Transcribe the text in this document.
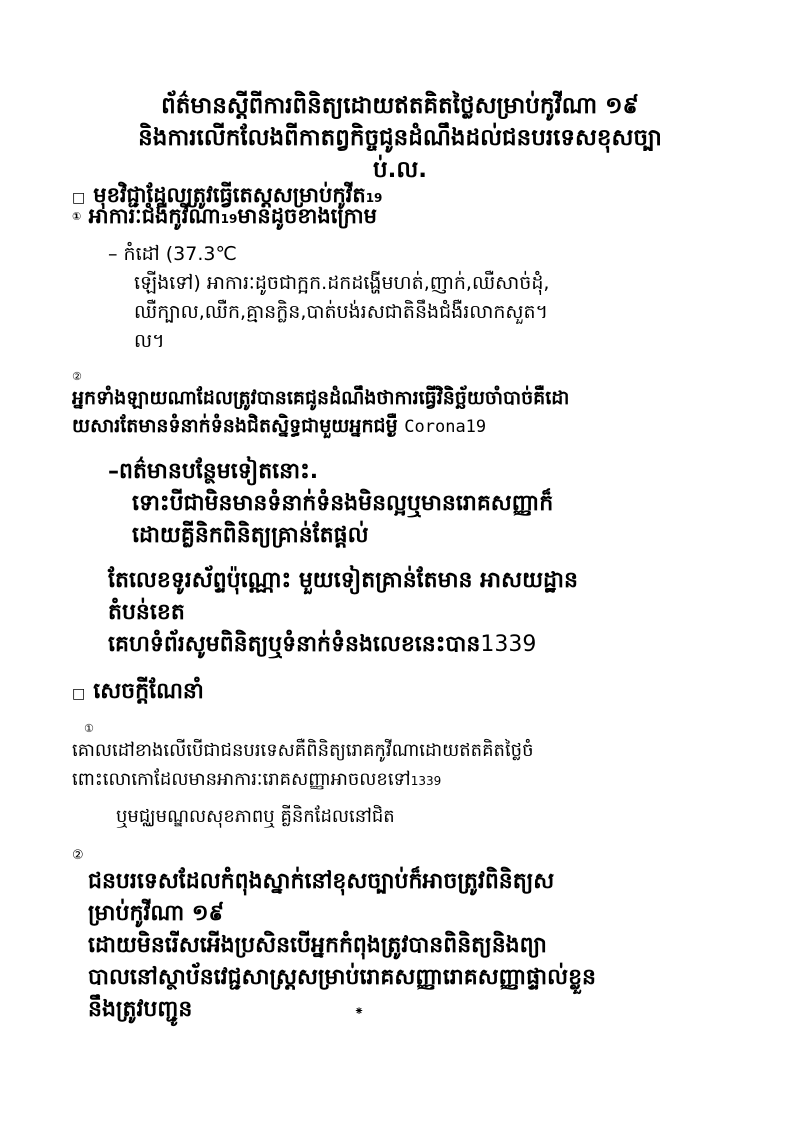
ព័ត៌មានស្តីពីការពិនិត្យដោយឥតគិតថ្លៃសម្រាប់កូវីណា ១៩
និងការលើកលែងពីកាតព្វកិច្ចជូនដំណឹងដល់ជនបរទេសខុសច្បា
ប់.ល.
□ មុខវិជ្ជាដែលត្រូវធ្វើតេស្តសម្រាប់កូវីត19
① អាការៈជំងឺកូវីណា19មានដូចខាងក្រោម
– កំដៅ (37.3℃
ឡើងទៅ) អាការៈដូចជាក្អក.ដកដង្ហើមហត់,ញាក់,ឈឺសាច់ដុំ,
ឈឺក្បាល,ឈឺក,គ្មានក្លិន,បាត់បង់រសជាតិនឹងជំងឺរលាកសួត។
ល។
②
អ្នកទាំងឡាយណាដែលត្រូវបានគេជូនដំណឹងថាការធ្វើវិនិច្ឆ័យចាំបាច់គឺដោ
យសារតែមានទំនាក់ទំនងជិតស្និទ្ធជាមួយអ្នកជម្ងឺ Corona19
–ពត៌មានបន្ថែមទៀតនោះ.
ទោះបីជាមិនមានទំនាក់ទំនងមិនល្អឬមានរោគសញ្ញាក៏
ដោយគ្លីនិកពិនិត្យគ្រាន់តែផ្តល់
តែលេខទូរស័ព្ទប៉ុណ្ណោះ មួយទៀតគ្រាន់តែមាន អាសយដ្ឋាន
តំបន់ខេត
គេហទំព័រសូមពិនិត្យឬទំនាក់ទំនងលេខនេះបាន1339
□ សេចក្តីណែនាំ
①
គោលដៅខាងលើបើជាជនបរទេសគឺពិនិត្យរោគកូវីណាដោយឥតគិតថ្លៃចំ
ពោះលោកោដែលមានអាការៈរោគសញ្ញាអាចលខទៅ1339
ឬមជ្ឈមណ្ឌលសុខភាពឬ គ្លីនិកដែលនៅជិត
②
ជនបរទេសដែលកំពុងស្នាក់នៅខុសច្បាប់ក៏អាចត្រូវពិនិត្យស
ម្រាប់កូវីណា ១៩
ដោយមិនរើសអើងប្រសិនបើអ្នកកំពុងត្រូវបានពិនិត្យនិងព្យា
បាលនៅស្ថាប័នវេជ្ជសាស្ត្រសម្រាប់រោគសញ្ញារោគសញ្ញាផ្ទាល់ខ្លួន
នឹងត្រូវបញ្ជូន	⁕
